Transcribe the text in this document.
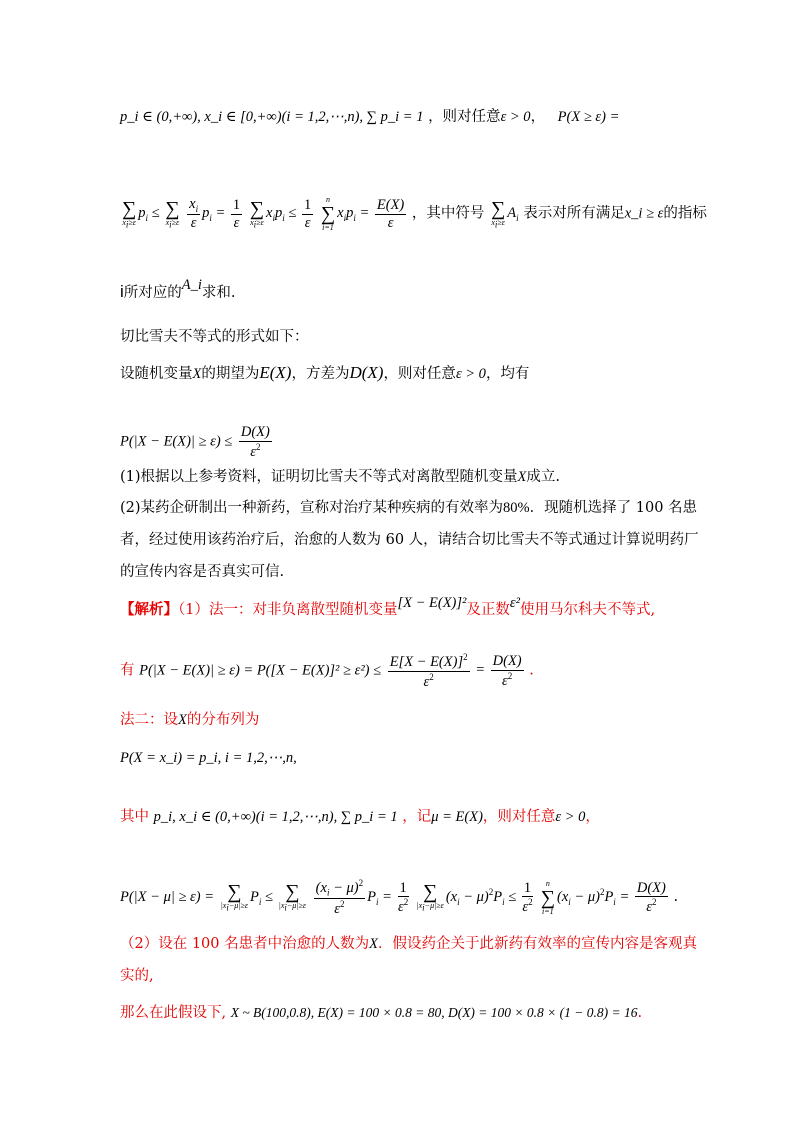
p_i ∈ (0,+∞), x_i ∈ [0,+∞)(i = 1,2,⋯,n), ∑ p_i = 1 ，则对任意ε > 0， P(X ≥ ε) =
∑
$x_i\ge\varepsilon$
$p_i$ ≤ ∑
$x_i\ge\varepsilon$
$\frac{x_i}{\varepsilon} p_i = \frac{1}{\varepsilon}$
∑
$x_i\ge\varepsilon$
$x_ip_i \le \frac{1}{\varepsilon}$
	n
∑
i=1
$x_ip_i = \frac{E(X)}{\varepsilon}$ ，其中符号 ∑
$x_i\ge\varepsilon$
$A_i$ 表示对所有满足x_i ≥ ε的指标
i所对应的A_i求和.
切比雪夫不等式的形式如下：
设随机变量X的期望为E(X)，方差为D(X)，则对任意ε > 0，均有
$P(|X - E(X)| \ge \varepsilon) \le \frac{D(X)}{\varepsilon^2}$
(1)根据以上参考资料，证明切比雪夫不等式对离散型随机变量X成立.
(2)某药企研制出一种新药，宣称对治疗某种疾病的有效率为80%．现随机选择了 100 名患
者，经过使用该药治疗后，治愈的人数为 60 人，请结合切比雪夫不等式通过计算说明药厂
的宣传内容是否真实可信.
【解析】（1）法一：对非负离散型随机变量[X − E(X)]²及正数ε²使用马尔科夫不等式,
有 $P(|X - E(X)| \ge \varepsilon) = P([X - E(X)]^2 \ge \varepsilon^2) \le \frac{E[X - E(X)]^2}{\varepsilon^2} = \frac{D(X)}{\varepsilon^2}$ .
法二：设X的分布列为
P(X = x_i) = p_i, i = 1,2,⋯,n,
其中 p_i, x_i ∈ (0,+∞)(i = 1,2,⋯,n), ∑ p_i = 1 ，记μ = E(X)，则对任意ε > 0，
P(|X − μ| ≥ ε) = ∑
$|x_i-\mu|\ge\varepsilon$
$P_i$ ≤ ∑
$|x_i-\mu|\ge\varepsilon$
$\frac{(x_i - \mu)^2}{\varepsilon^2} P_i = \frac{1}{\varepsilon^2}$
∑
$|x_i-\mu|\ge\varepsilon$
$(x_i - \mu)^2P_i \le \frac{1}{\varepsilon^2}$
	n
∑
i=1
$(x_i - \mu)^2P_i = \frac{D(X)}{\varepsilon^2}$ .
（2）设在 100 名患者中治愈的人数为X．假设药企关于此新药有效率的宣传内容是客观真
实的,
那么在此假设下, X ~ B(100,0.8), E(X) = 100 × 0.8 = 80, D(X) = 100 × 0.8 × (1 − 0.8) = 16.
